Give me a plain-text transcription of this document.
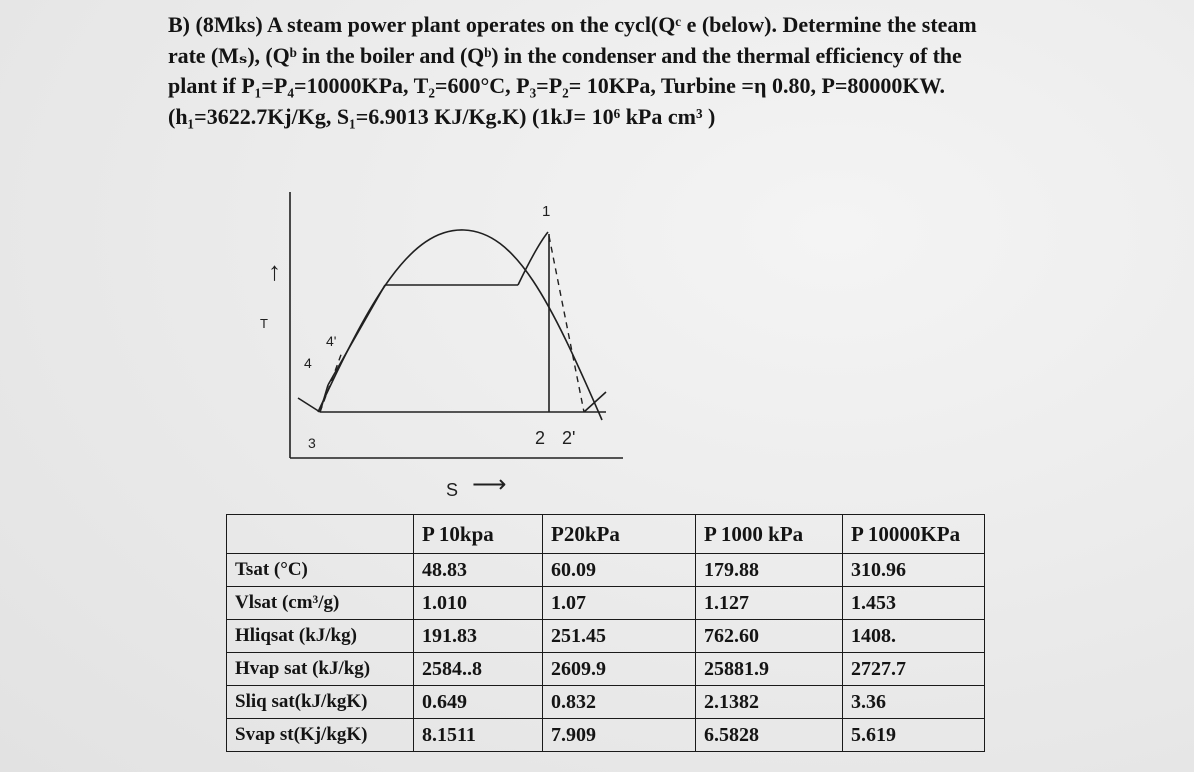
B) (8Mks) A steam power plant operates on the cycl(Qᶜ e (below). Determine the steam

rate (Mₛ), (Qᵇ in the boiler and (Qᵇ) in the condenser and the thermal efficiency of the

plant if P₁=P₄=10000KPa, T₂=600°C, P₃=P₂= 10KPa, Turbine =η 0.80, P=80000KW.

(h₁=3622.7Kj/Kg, S₁=6.9013 KJ/Kg.K) (1kJ= 10⁶ kPa cm³ )

↑
T
S ⟶
1
2 2'
3
4
4'
	P 10kpa	P20kPa	P 1000 kPa	P 10000KPa
Tsat (°C)	48.83	60.09	179.88	310.96
Vlsat (cm³/g)	1.010	1.07	1.127	1.453
Hliqsat (kJ/kg)	191.83	251.45	762.60	1408.
Hvap sat (kJ/kg)	2584..8	2609.9	25881.9	2727.7
Sliq sat(kJ/kgK)	0.649	0.832	2.1382	3.36
Svap st(Kj/kgK)	8.1511	7.909	6.5828	5.619
